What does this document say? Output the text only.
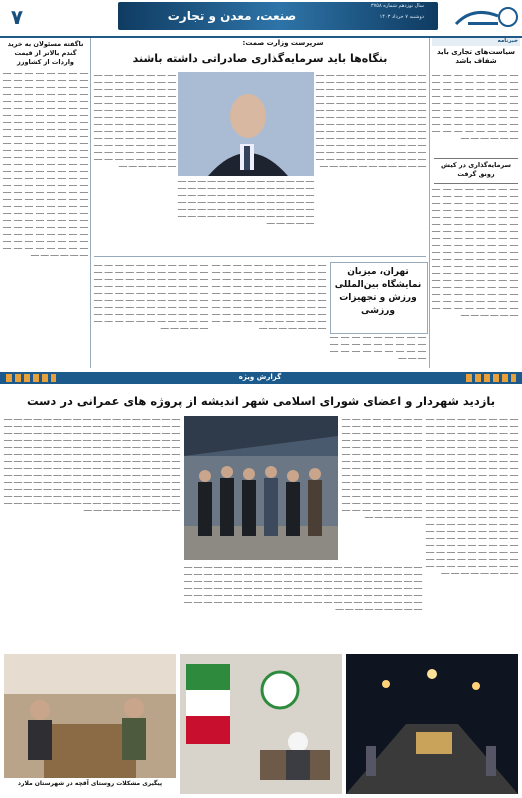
۷	صنعت، معدن و تجارت
سال نوزدهم شماره ۳۷۵۸
دوشنبه ۷ خرداد ۱۴۰۳
خبرنامه
سیاست‌های تجاری باید شفاف باشد

ـــــ ـــــ ـــــ ـــــ ـــــ ـــــ ـــــ ـــــ ـــــ ـــــ ـــــ ـــــ ـــــ ـــــ ـــــ ـــــ ـــــ ـــــ ـــــ ـــــ ـــــ ـــــ ـــــ ـــــ ـــــ ـــــ ـــــ ـــــ ـــــ ـــــ ـــــ ـــــ ـــــ ـــــ ـــــ ـــــ ـــــ ـــــ ـــــ ـــــ ـــــ ـــــ ـــــ ـــــ ـــــ ـــــ ـــــ ـــــ ـــــ ـــــ ـــــ ـــــ ـــــ ـــــ ـــــ ـــــ ـــــ ـــــ ـــــ ـــــ ـــــ ـــــ ـــــ ـــــ ـــــ ـــــ ـــــ ـــــ ـــــ ـــــ ـــــ ـــــ ـــــ ـــــ ـــــ ـــــ ـــــ ـــــ

سرمایه‌گذاری در کیش رونق گرفت

ـــــ ـــــ ـــــ ـــــ ـــــ ـــــ ـــــ ـــــ ـــــ ـــــ ـــــ ـــــ ـــــ ـــــ ـــــ ـــــ ـــــ ـــــ ـــــ ـــــ ـــــ ـــــ ـــــ ـــــ ـــــ ـــــ ـــــ ـــــ ـــــ ـــــ ـــــ ـــــ ـــــ ـــــ ـــــ ـــــ ـــــ ـــــ ـــــ ـــــ ـــــ ـــــ ـــــ ـــــ ـــــ ـــــ ـــــ ـــــ ـــــ ـــــ ـــــ ـــــ ـــــ ـــــ ـــــ ـــــ ـــــ ـــــ ـــــ ـــــ ـــــ ـــــ ـــــ ـــــ ـــــ ـــــ ـــــ ـــــ ـــــ ـــــ ـــــ ـــــ ـــــ ـــــ ـــــ ـــــ ـــــ ـــــ ـــــ ـــــ ـــــ ـــــ ـــــ ـــــ ـــــ ـــــ ـــــ ـــــ ـــــ ـــــ ـــــ ـــــ ـــــ ـــــ ـــــ ـــــ ـــــ ـــــ ـــــ ـــــ ـــــ ـــــ ـــــ ـــــ ـــــ ـــــ ـــــ ـــــ ـــــ ـــــ ـــــ ـــــ ـــــ ـــــ ـــــ ـــــ ـــــ ـــــ ـــــ ـــــ ـــــ ـــــ ـــــ ـــــ ـــــ ـــــ ـــــ ـــــ ـــــ ـــــ ـــــ ـــــ ـــــ ـــــ ـــــ ـــــ ـــــ ـــــ ـــــ ـــــ ـــــ ـــــ ـــــ ـــــ ـــــ ـــــ ـــــ ـــــ ـــــ ـــــ

سرپرست وزارت صمت:
بنگاه‌ها باید سرمایه‌گذاری صادراتی داشته باشند

ـــــ ـــــ ـــــ ـــــ ـــــ ـــــ ـــــ ـــــ ـــــ ـــــ ـــــ ـــــ ـــــ ـــــ ـــــ ـــــ ـــــ ـــــ ـــــ ـــــ ـــــ ـــــ ـــــ ـــــ ـــــ ـــــ ـــــ ـــــ ـــــ ـــــ ـــــ ـــــ ـــــ ـــــ ـــــ ـــــ ـــــ ـــــ ـــــ ـــــ ـــــ ـــــ ـــــ ـــــ ـــــ ـــــ ـــــ ـــــ ـــــ ـــــ ـــــ ـــــ ـــــ ـــــ ـــــ ـــــ ـــــ ـــــ ـــــ ـــــ ـــــ ـــــ ـــــ ـــــ ـــــ ـــــ ـــــ ـــــ ـــــ ـــــ ـــــ ـــــ ـــــ ـــــ ـــــ ـــــ ـــــ ـــــ ـــــ ـــــ ـــــ ـــــ ـــــ ـــــ ـــــ ـــــ ـــــ ـــــ ـــــ ـــــ ـــــ ـــــ ـــــ ـــــ ـــــ ـــــ ـــــ ـــــ ـــــ ـــــ ـــــ ـــــ ـــــ ـــــ ـــــ ـــــ ـــــ ـــــ ـــــ ـــــ ـــــ ـــــ ـــــ ـــــ ـــــ ـــــ ـــــ ـــــ ـــــ ـــــ ـــــ ـــــ ـــــ ـــــ ـــــ ـــــ ـــــ ـــــ ـــــ ـــــ ـــــ ـــــ ـــــ ـــــ ـــــ ـــــ ـــــ ـــــ ـــــ ـــــ ـــــ ـــــ ـــــ ـــــ ـــــ ـــــ ـــــ ـــــ ـــــ ـــــ ـــــ ـــــ ـــــ ـــــ

ـــــ ـــــ ـــــ ـــــ ـــــ ـــــ ـــــ ـــــ ـــــ ـــــ ـــــ ـــــ ـــــ ـــــ ـــــ ـــــ ـــــ ـــــ ـــــ ـــــ ـــــ ـــــ ـــــ ـــــ ـــــ ـــــ ـــــ ـــــ ـــــ ـــــ ـــــ ـــــ ـــــ ـــــ ـــــ ـــــ ـــــ ـــــ ـــــ ـــــ ـــــ ـــــ ـــــ ـــــ ـــــ ـــــ ـــــ ـــــ ـــــ ـــــ ـــــ ـــــ ـــــ ـــــ ـــــ ـــــ ـــــ ـــــ ـــــ ـــــ ـــــ ـــــ ـــــ ـــــ ـــــ ـــــ ـــــ ـــــ ـــــ ـــــ ـــــ ـــــ ـــــ ـــــ ـــــ ـــــ ـــــ ـــــ ـــــ ـــــ ـــــ ـــــ ـــــ ـــــ ـــــ ـــــ ـــــ ـــــ ـــــ ـــــ ـــــ ـــــ ـــــ ـــــ ـــــ ـــــ ـــــ ـــــ ـــــ ـــــ ـــــ ـــــ ـــــ ـــــ ـــــ ـــــ ـــــ ـــــ ـــــ ـــــ

ـــــ ـــــ ـــــ ـــــ ـــــ ـــــ ـــــ ـــــ ـــــ ـــــ ـــــ ـــــ ـــــ ـــــ ـــــ ـــــ ـــــ ـــــ ـــــ ـــــ ـــــ ـــــ ـــــ ـــــ ـــــ ـــــ ـــــ ـــــ ـــــ ـــــ ـــــ ـــــ ـــــ ـــــ ـــــ ـــــ ـــــ ـــــ ـــــ ـــــ ـــــ ـــــ ـــــ ـــــ ـــــ ـــــ ـــــ ـــــ ـــــ ـــــ ـــــ ـــــ ـــــ ـــــ ـــــ ـــــ ـــــ ـــــ ـــــ ـــــ ـــــ ـــــ ـــــ ـــــ ـــــ ـــــ ـــــ ـــــ ـــــ ـــــ ـــــ ـــــ ـــــ ـــــ ـــــ ـــــ ـــــ ـــــ ـــــ ـــــ ـــــ ـــــ ـــــ ـــــ ـــــ ـــــ ـــــ ـــــ ـــــ

تهران، میزبان نمایشگاه بین‌المللی ورزش و تجهیزات ورزشی

ـــــ ـــــ ـــــ ـــــ ـــــ ـــــ ـــــ ـــــ ـــــ ـــــ ـــــ ـــــ ـــــ ـــــ ـــــ ـــــ ـــــ ـــــ ـــــ ـــــ ـــــ ـــــ ـــــ ـــــ ـــــ ـــــ ـــــ ـــــ ـــــ ـــــ

ـــــ ـــــ ـــــ ـــــ ـــــ ـــــ ـــــ ـــــ ـــــ ـــــ ـــــ ـــــ ـــــ ـــــ ـــــ ـــــ ـــــ ـــــ ـــــ ـــــ ـــــ ـــــ ـــــ ـــــ ـــــ ـــــ ـــــ ـــــ ـــــ ـــــ ـــــ ـــــ ـــــ ـــــ ـــــ ـــــ ـــــ ـــــ ـــــ ـــــ ـــــ ـــــ ـــــ ـــــ ـــــ ـــــ ـــــ ـــــ ـــــ ـــــ ـــــ ـــــ ـــــ ـــــ ـــــ ـــــ ـــــ ـــــ ـــــ ـــــ ـــــ ـــــ ـــــ ـــــ ـــــ ـــــ ـــــ ـــــ ـــــ ـــــ ـــــ ـــــ ـــــ ـــــ ـــــ ـــــ ـــــ ـــــ ـــــ ـــــ ـــــ ـــــ ـــــ ـــــ ـــــ ـــــ ـــــ ـــــ ـــــ ـــــ ـــــ ـــــ ـــــ ـــــ ـــــ ـــــ ـــــ ـــــ ـــــ ـــــ ـــــ ـــــ ـــــ ـــــ ـــــ ـــــ

ـــــ ـــــ ـــــ ـــــ ـــــ ـــــ ـــــ ـــــ ـــــ ـــــ ـــــ ـــــ ـــــ ـــــ ـــــ ـــــ ـــــ ـــــ ـــــ ـــــ ـــــ ـــــ ـــــ ـــــ ـــــ ـــــ ـــــ ـــــ ـــــ ـــــ ـــــ ـــــ ـــــ ـــــ ـــــ ـــــ ـــــ ـــــ ـــــ ـــــ ـــــ ـــــ ـــــ ـــــ ـــــ ـــــ ـــــ ـــــ ـــــ ـــــ ـــــ ـــــ ـــــ ـــــ ـــــ ـــــ ـــــ ـــــ ـــــ ـــــ ـــــ ـــــ ـــــ ـــــ ـــــ ـــــ ـــــ ـــــ ـــــ ـــــ ـــــ ـــــ ـــــ ـــــ ـــــ ـــــ ـــــ ـــــ ـــــ ـــــ ـــــ ـــــ ـــــ ـــــ ـــــ ـــــ ـــــ ـــــ ـــــ ـــــ ـــــ ـــــ ـــــ ـــــ ـــــ ـــــ ـــــ ـــــ ـــــ ـــــ ـــــ ـــــ ـــــ ـــــ

ناگفته مسئولان به خرید گندم بالاتر از قیمت واردات از کشاورز

ـــــ ـــــ ـــــ ـــــ ـــــ ـــــ ـــــ ـــــ ـــــ ـــــ ـــــ ـــــ ـــــ ـــــ ـــــ ـــــ ـــــ ـــــ ـــــ ـــــ ـــــ ـــــ ـــــ ـــــ ـــــ ـــــ ـــــ ـــــ ـــــ ـــــ ـــــ ـــــ ـــــ ـــــ ـــــ ـــــ ـــــ ـــــ ـــــ ـــــ ـــــ ـــــ ـــــ ـــــ ـــــ ـــــ ـــــ ـــــ ـــــ ـــــ ـــــ ـــــ ـــــ ـــــ ـــــ ـــــ ـــــ ـــــ ـــــ ـــــ ـــــ ـــــ ـــــ ـــــ ـــــ ـــــ ـــــ ـــــ ـــــ ـــــ ـــــ ـــــ ـــــ ـــــ ـــــ ـــــ ـــــ ـــــ ـــــ ـــــ ـــــ ـــــ ـــــ ـــــ ـــــ ـــــ ـــــ ـــــ ـــــ ـــــ ـــــ ـــــ ـــــ ـــــ ـــــ ـــــ ـــــ ـــــ ـــــ ـــــ ـــــ ـــــ ـــــ ـــــ ـــــ ـــــ ـــــ ـــــ ـــــ ـــــ ـــــ ـــــ ـــــ ـــــ ـــــ ـــــ ـــــ ـــــ ـــــ ـــــ ـــــ ـــــ ـــــ ـــــ ـــــ ـــــ ـــــ ـــــ ـــــ ـــــ ـــــ ـــــ ـــــ ـــــ ـــــ ـــــ ـــــ ـــــ ـــــ ـــــ ـــــ ـــــ ـــــ ـــــ ـــــ ـــــ ـــــ ـــــ ـــــ ـــــ ـــــ ـــــ ـــــ ـــــ ـــــ ـــــ ـــــ ـــــ ـــــ ـــــ ـــــ ـــــ ـــــ ـــــ ـــــ ـــــ ـــــ ـــــ ـــــ ـــــ ـــــ ـــــ ـــــ ـــــ ـــــ ـــــ ـــــ ـــــ ـــــ ـــــ ـــــ ـــــ ـــــ ـــــ ـــــ ـــــ ـــــ ـــــ ـــــ ـــــ ـــــ ـــــ ـــــ ـــــ ـــــ ـــــ ـــــ ـــــ ـــــ ـــــ ـــــ ـــــ ـــــ ـــــ ـــــ ـــــ ـــــ ـــــ ـــــ ـــــ ـــــ ـــــ ـــــ ـــــ

گزارش ویژه
بازدید شهردار و اعضای شورای اسلامی شهر اندیشه از پروژه های عمرانی در دست

ـــــ ـــــ ـــــ ـــــ ـــــ ـــــ ـــــ ـــــ ـــــ ـــــ ـــــ ـــــ ـــــ ـــــ ـــــ ـــــ ـــــ ـــــ ـــــ ـــــ ـــــ ـــــ ـــــ ـــــ ـــــ ـــــ ـــــ ـــــ ـــــ ـــــ ـــــ ـــــ ـــــ ـــــ ـــــ ـــــ ـــــ ـــــ ـــــ ـــــ ـــــ ـــــ ـــــ ـــــ ـــــ ـــــ ـــــ ـــــ ـــــ ـــــ ـــــ ـــــ ـــــ ـــــ ـــــ ـــــ ـــــ ـــــ ـــــ ـــــ ـــــ ـــــ ـــــ ـــــ ـــــ ـــــ ـــــ ـــــ ـــــ ـــــ ـــــ ـــــ ـــــ ـــــ ـــــ ـــــ ـــــ ـــــ ـــــ ـــــ ـــــ ـــــ ـــــ ـــــ ـــــ ـــــ ـــــ ـــــ ـــــ ـــــ ـــــ ـــــ ـــــ ـــــ ـــــ ـــــ ـــــ ـــــ ـــــ ـــــ ـــــ ـــــ ـــــ ـــــ ـــــ ـــــ ـــــ ـــــ ـــــ ـــــ ـــــ ـــــ ـــــ ـــــ ـــــ ـــــ ـــــ ـــــ ـــــ ـــــ ـــــ ـــــ ـــــ ـــــ ـــــ ـــــ ـــــ ـــــ ـــــ ـــــ ـــــ ـــــ ـــــ ـــــ ـــــ ـــــ ـــــ ـــــ ـــــ ـــــ ـــــ ـــــ ـــــ ـــــ ـــــ ـــــ ـــــ ـــــ ـــــ ـــــ ـــــ ـــــ ـــــ ـــــ ـــــ ـــــ ـــــ ـــــ ـــــ ـــــ ـــــ ـــــ ـــــ ـــــ ـــــ ـــــ ـــــ ـــــ ـــــ ـــــ ـــــ ـــــ ـــــ ـــــ ـــــ ـــــ ـــــ ـــــ ـــــ ـــــ ـــــ ـــــ ـــــ ـــــ ـــــ ـــــ ـــــ ـــــ ـــــ ـــــ ـــــ ـــــ ـــــ ـــــ ـــــ ـــــ ـــــ ـــــ ـــــ ـــــ ـــــ ـــــ ـــــ ـــــ ـــــ ـــــ

ـــــ ـــــ ـــــ ـــــ ـــــ ـــــ ـــــ ـــــ ـــــ ـــــ ـــــ ـــــ ـــــ ـــــ ـــــ ـــــ ـــــ ـــــ ـــــ ـــــ ـــــ ـــــ ـــــ ـــــ ـــــ ـــــ ـــــ ـــــ ـــــ ـــــ ـــــ ـــــ ـــــ ـــــ ـــــ ـــــ ـــــ ـــــ ـــــ ـــــ ـــــ ـــــ ـــــ ـــــ ـــــ ـــــ ـــــ ـــــ ـــــ ـــــ ـــــ ـــــ ـــــ ـــــ ـــــ ـــــ ـــــ ـــــ ـــــ ـــــ ـــــ ـــــ ـــــ ـــــ ـــــ ـــــ ـــــ ـــــ ـــــ ـــــ ـــــ ـــــ ـــــ ـــــ ـــــ ـــــ ـــــ ـــــ ـــــ ـــــ ـــــ ـــــ ـــــ ـــــ ـــــ ـــــ ـــــ ـــــ ـــــ ـــــ ـــــ ـــــ ـــــ ـــــ ـــــ ـــــ ـــــ ـــــ ـــــ ـــــ ـــــ ـــــ ـــــ ـــــ ـــــ ـــــ ـــــ ـــــ ـــــ ـــــ ـــــ ـــــ ـــــ ـــــ ـــــ ـــــ ـــــ ـــــ

ـــــ ـــــ ـــــ ـــــ ـــــ ـــــ ـــــ ـــــ ـــــ ـــــ ـــــ ـــــ ـــــ ـــــ ـــــ ـــــ ـــــ ـــــ ـــــ ـــــ ـــــ ـــــ ـــــ ـــــ ـــــ ـــــ ـــــ ـــــ ـــــ ـــــ ـــــ ـــــ ـــــ ـــــ ـــــ ـــــ ـــــ ـــــ ـــــ ـــــ ـــــ ـــــ ـــــ ـــــ ـــــ ـــــ ـــــ ـــــ ـــــ ـــــ ـــــ ـــــ ـــــ ـــــ ـــــ ـــــ ـــــ ـــــ ـــــ ـــــ ـــــ ـــــ ـــــ ـــــ ـــــ ـــــ ـــــ ـــــ ـــــ ـــــ ـــــ ـــــ ـــــ ـــــ ـــــ ـــــ ـــــ ـــــ ـــــ ـــــ ـــــ ـــــ ـــــ ـــــ ـــــ ـــــ ـــــ ـــــ ـــــ ـــــ ـــــ ـــــ ـــــ ـــــ ـــــ ـــــ ـــــ ـــــ ـــــ ـــــ ـــــ ـــــ ـــــ ـــــ ـــــ ـــــ ـــــ ـــــ ـــــ ـــــ ـــــ ـــــ ـــــ ـــــ ـــــ ـــــ ـــــ ـــــ ـــــ ـــــ ـــــ ـــــ ـــــ ـــــ ـــــ ـــــ ـــــ ـــــ ـــــ ـــــ ـــــ ـــــ ـــــ ـــــ ـــــ ـــــ ـــــ ـــــ ـــــ ـــــ ـــــ ـــــ ـــــ ـــــ ـــــ ـــــ ـــــ ـــــ ـــــ ـــــ ـــــ ـــــ ـــــ

ـــــ ـــــ ـــــ ـــــ ـــــ ـــــ ـــــ ـــــ ـــــ ـــــ ـــــ ـــــ ـــــ ـــــ ـــــ ـــــ ـــــ ـــــ ـــــ ـــــ ـــــ ـــــ ـــــ ـــــ ـــــ ـــــ ـــــ ـــــ ـــــ ـــــ ـــــ ـــــ ـــــ ـــــ ـــــ ـــــ ـــــ ـــــ ـــــ ـــــ ـــــ ـــــ ـــــ ـــــ ـــــ ـــــ ـــــ ـــــ ـــــ ـــــ ـــــ ـــــ ـــــ ـــــ ـــــ ـــــ ـــــ ـــــ ـــــ ـــــ ـــــ ـــــ ـــــ ـــــ ـــــ ـــــ ـــــ ـــــ ـــــ ـــــ ـــــ ـــــ ـــــ ـــــ ـــــ ـــــ ـــــ ـــــ ـــــ ـــــ ـــــ ـــــ ـــــ ـــــ ـــــ ـــــ ـــــ ـــــ ـــــ ـــــ ـــــ ـــــ ـــــ ـــــ ـــــ ـــــ ـــــ ـــــ ـــــ ـــــ ـــــ ـــــ ـــــ ـــــ ـــــ ـــــ ـــــ ـــــ ـــــ ـــــ ـــــ ـــــ ـــــ ـــــ ـــــ ـــــ ـــــ ـــــ ـــــ ـــــ ـــــ ـــــ ـــــ ـــــ ـــــ ـــــ ـــــ ـــــ ـــــ ـــــ ـــــ ـــــ ـــــ ـــــ ـــــ ـــــ ـــــ ـــــ ـــــ ـــــ ـــــ ـــــ ـــــ ـــــ ـــــ ـــــ ـــــ ـــــ ـــــ ـــــ ـــــ ـــــ ـــــ ـــــ ـــــ ـــــ ـــــ ـــــ ـــــ ـــــ ـــــ ـــــ ـــــ ـــــ ـــــ ـــــ ـــــ ـــــ ـــــ ـــــ ـــــ ـــــ ـــــ ـــــ ـــــ ـــــ ـــــ ـــــ ـــــ ـــــ ـــــ ـــــ ـــــ ـــــ ـــــ ـــــ ـــــ ـــــ ـــــ ـــــ ـــــ ـــــ ـــــ ـــــ ـــــ ـــــ ـــــ ـــــ ـــــ ـــــ ـــــ ـــــ ـــــ ـــــ ـــــ ـــــ ـــــ ـــــ ـــــ ـــــ ـــــ ـــــ ـــــ ـــــ ـــــ ـــــ ـــــ ـــــ ـــــ ـــــ ـــــ ـــــ ـــــ ـــــ ـــــ ـــــ ـــــ ـــــ ـــــ ـــــ ـــــ ـــــ ـــــ ـــــ ـــــ ـــــ ـــــ ـــــ ـــــ ـــــ ـــــ ـــــ ـــــ ـــــ

پیگیری مشکلات روستای آقچه در شهرستان ملارد
